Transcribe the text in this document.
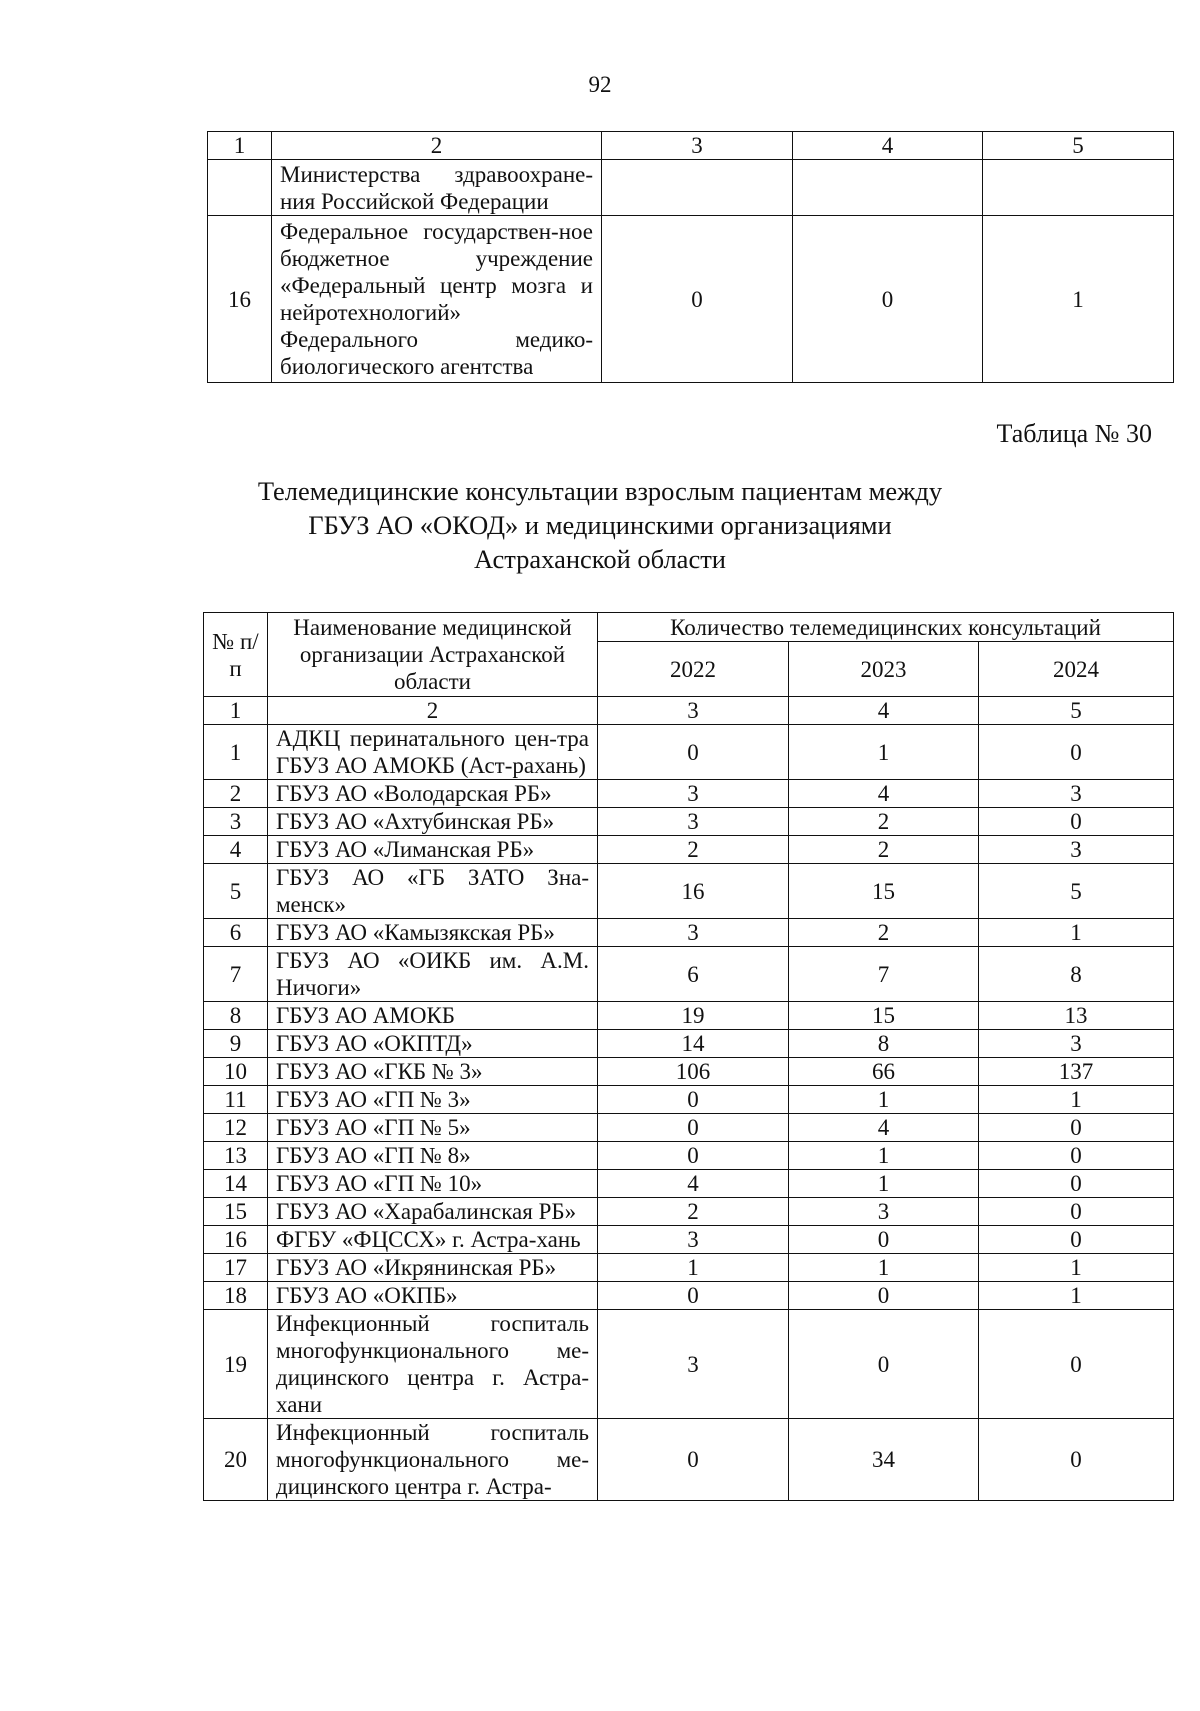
92
1	2	3	4	5
	Министерства здравоохране-ния Российской Федерации			
16	Федеральное государствен-ное бюджетное учреждение «Федеральный центр мозга и нейротехнологий» Федерального медико-биологического агентства	0	0	1
Таблица № 30
Телемедицинские консультации взрослым пациентам между
ГБУЗ АО «ОКОД» и медицинскими организациями
Астраханской области
№ п/п	Наименование медицинской организации Астраханской области	Количество телемедицинских консультаций		
		2022	2023	2024
1	2	3	4	5
1	АДКЦ перинатального цен-тра ГБУЗ АО АМОКБ (Аст-рахань)	0	1	0
2	ГБУЗ АО «Володарская РБ»	3	4	3
3	ГБУЗ АО «Ахтубинская РБ»	3	2	0
4	ГБУЗ АО «Лиманская РБ»	2	2	3
5	ГБУЗ АО «ГБ ЗАТО Зна-менск»	16	15	5
6	ГБУЗ АО «Камызякская РБ»	3	2	1
7	ГБУЗ АО «ОИКБ им. А.М. Ничоги»	6	7	8
8	ГБУЗ АО АМОКБ	19	15	13
9	ГБУЗ АО «ОКПТД»	14	8	3
10	ГБУЗ АО «ГКБ № 3»	106	66	137
11	ГБУЗ АО «ГП № 3»	0	1	1
12	ГБУЗ АО «ГП № 5»	0	4	0
13	ГБУЗ АО «ГП № 8»	0	1	0
14	ГБУЗ АО «ГП № 10»	4	1	0
15	ГБУЗ АО «Харабалинская РБ»	2	3	0
16	ФГБУ «ФЦССХ» г. Астра-хань	3	0	0
17	ГБУЗ АО «Икрянинская РБ»	1	1	1
18	ГБУЗ АО «ОКПБ»	0	0	1
19	Инфекционный госпиталь многофункционального ме-дицинского центра г. Астра-хани	3	0	0
20	Инфекционный госпиталь многофункционального ме-дицинского центра г. Астра-	0	34	0
